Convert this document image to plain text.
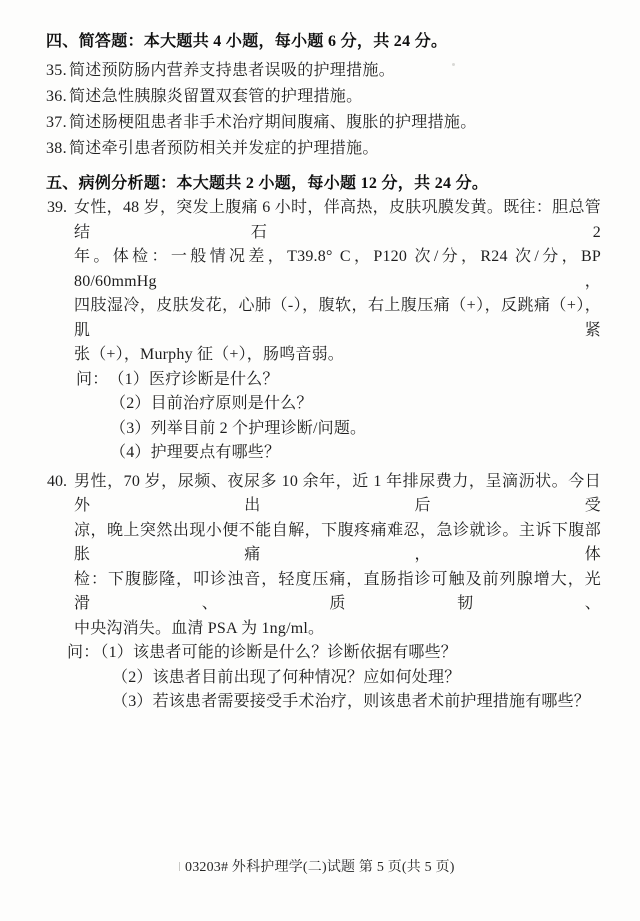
四、简答题：本大题共 4 小题，每小题 6 分，共 24 分。
35. 简述预防肠内营养支持患者误吸的护理措施。
36. 简述急性胰腺炎留置双套管的护理措施。
37. 简述肠梗阻患者非手术治疗期间腹痛、腹胀的护理措施。
38. 简述牵引患者预防相关并发症的护理措施。
五、病例分析题：本大题共 2 小题，每小题 12 分，共 24 分。
39. 女性，48 岁，突发上腹痛 6 小时，伴高热，皮肤巩膜发黄。既往：胆总管结石 2
年。体检：一般情况差，T39.8° C，P120 次/分，R24 次/分，BP 80/60mmHg，
四肢湿冷，皮肤发花，心肺（-），腹软，右上腹压痛（+），反跳痛（+），肌紧
张（+），Murphy 征（+），肠鸣音弱。
问： （1）医疗诊断是什么？
（2）目前治疗原则是什么？
（3）列举目前 2 个护理诊断/问题。
（4）护理要点有哪些？
40. 男性，70 岁，尿频、夜尿多 10 余年，近 1 年排尿费力，呈滴沥状。今日外出后受
凉，晚上突然出现小便不能自解，下腹疼痛难忍，急诊就诊。主诉下腹部胀痛，体
检：下腹膨隆，叩诊浊音，轻度压痛，直肠指诊可触及前列腺增大，光滑、质韧、
中央沟消失。血清 PSA 为 1ng/ml。
问：（1）该患者可能的诊断是什么？诊断依据有哪些？
（2）该患者目前出现了何种情况？应如何处理？
（3）若该患者需要接受手术治疗，则该患者术前护理措施有哪些？
03203# 外科护理学(二)试题 第 5 页(共 5 页)
